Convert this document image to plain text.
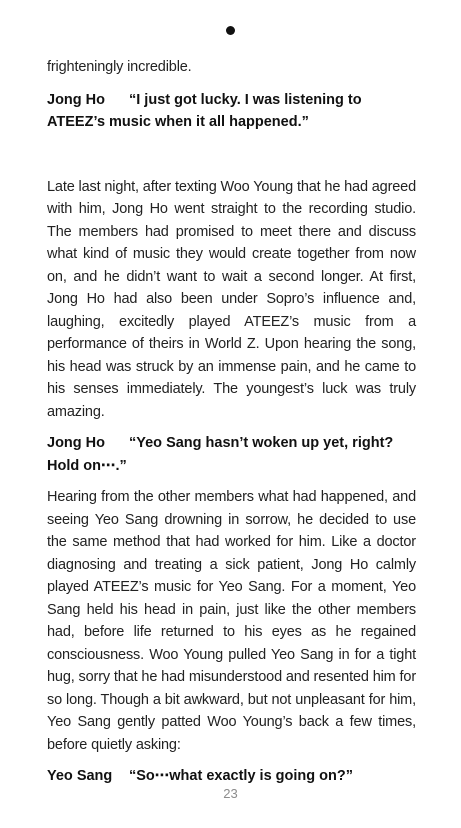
frighteningly incredible.

Jong Ho “I just got lucky. I was listening to ATEEZ’s music when it all happened.”

Late last night, after texting Woo Young that he had agreed with him, Jong Ho went straight to the recording studio. The members had promised to meet there and discuss what kind of music they would create together from now on, and he didn’t want to wait a second longer. At first, Jong Ho had also been under Sopro’s influence and, laughing, excitedly played ATEEZ’s music from a performance of theirs in World Z. Upon hearing the song, his head was struck by an immense pain, and he came to his senses immediately. The youngest’s luck was truly amazing.

Jong Ho “Yeo Sang hasn’t woken up yet, right? Hold on⋯.”

Hearing from the other members what had happened, and seeing Yeo Sang drowning in sorrow, he decided to use the same method that had worked for him. Like a doctor diagnosing and treating a sick patient, Jong Ho calmly played ATEEZ’s music for Yeo Sang. For a moment, Yeo Sang held his head in pain, just like the other members had, before life returned to his eyes as he regained consciousness. Woo Young pulled Yeo Sang in for a tight hug, sorry that he had misunderstood and resented him for so long. Though a bit awkward, but not unpleasant for him, Yeo Sang gently patted Woo Young’s back a few times, before quietly asking:

Yeo Sang “So⋯what exactly is going on?”

23
